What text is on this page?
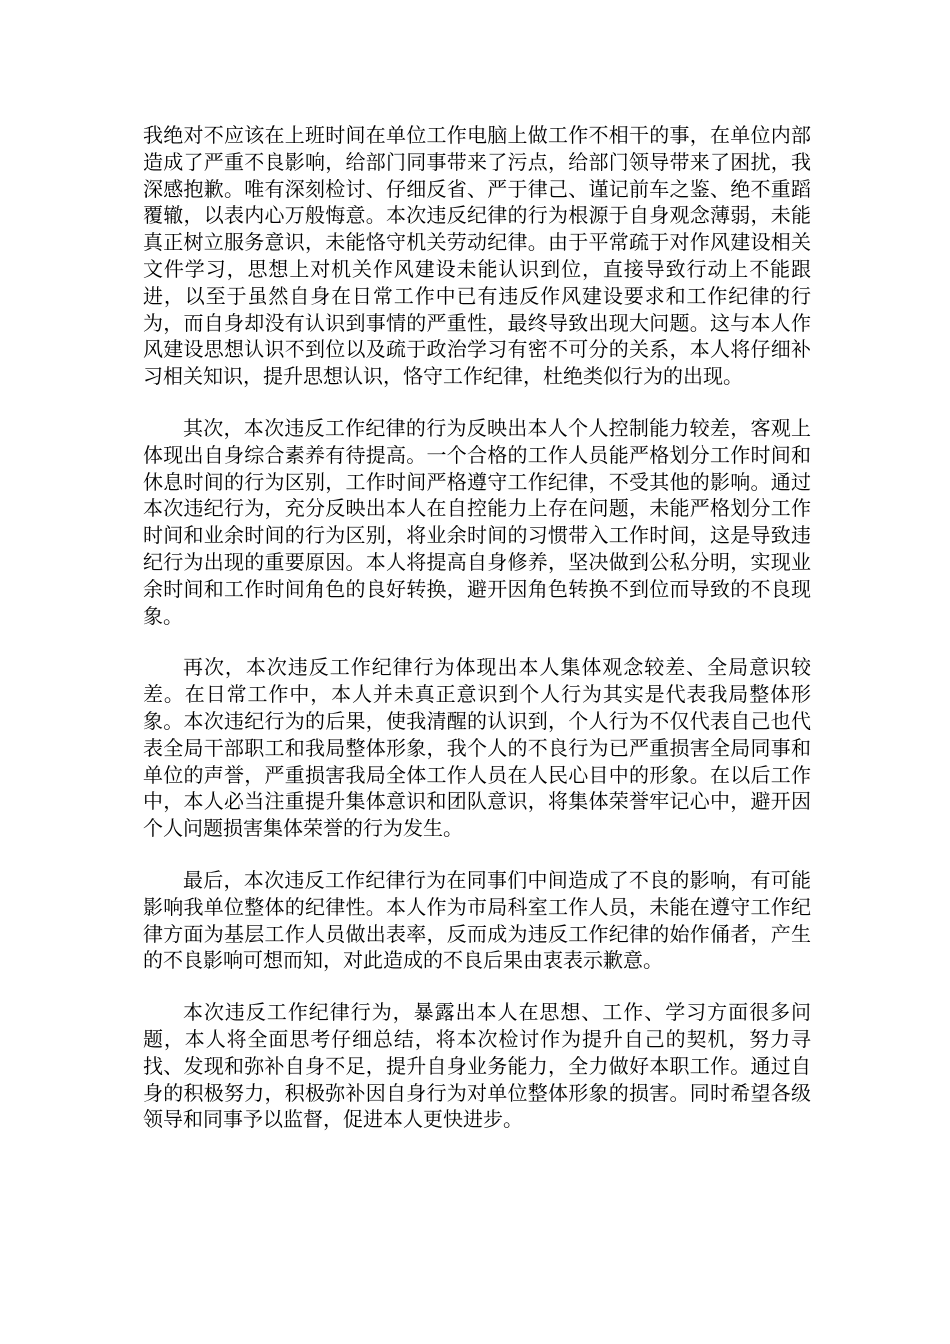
我绝对不应该在上班时间在单位工作电脑上做工作不相干的事，在单位内部造成了严重不良影响，给部门同事带来了污点，给部门领导带来了困扰，我深感抱歉。唯有深刻检讨、仔细反省、严于律己、谨记前车之鉴、绝不重蹈覆辙，以表内心万般悔意。本次违反纪律的行为根源于自身观念薄弱，未能真正树立服务意识，未能恪守机关劳动纪律。由于平常疏于对作风建设相关文件学习，思想上对机关作风建设未能认识到位，直接导致行动上不能跟进，以至于虽然自身在日常工作中已有违反作风建设要求和工作纪律的行为，而自身却没有认识到事情的严重性，最终导致出现大问题。这与本人作风建设思想认识不到位以及疏于政治学习有密不可分的关系，本人将仔细补习相关知识，提升思想认识，恪守工作纪律，杜绝类似行为的出现。

其次，本次违反工作纪律的行为反映出本人个人控制能力较差，客观上体现出自身综合素养有待提高。一个合格的工作人员能严格划分工作时间和休息时间的行为区别，工作时间严格遵守工作纪律，不受其他的影响。通过本次违纪行为，充分反映出本人在自控能力上存在问题，未能严格划分工作时间和业余时间的行为区别，将业余时间的习惯带入工作时间，这是导致违纪行为出现的重要原因。本人将提高自身修养，坚决做到公私分明，实现业余时间和工作时间角色的良好转换，避开因角色转换不到位而导致的不良现象。

再次，本次违反工作纪律行为体现出本人集体观念较差、全局意识较差。在日常工作中，本人并未真正意识到个人行为其实是代表我局整体形象。本次违纪行为的后果，使我清醒的认识到，个人行为不仅代表自己也代表全局干部职工和我局整体形象，我个人的不良行为已严重损害全局同事和单位的声誉，严重损害我局全体工作人员在人民心目中的形象。在以后工作中，本人必当注重提升集体意识和团队意识，将集体荣誉牢记心中，避开因个人问题损害集体荣誉的行为发生。

最后，本次违反工作纪律行为在同事们中间造成了不良的影响，有可能影响我单位整体的纪律性。本人作为市局科室工作人员，未能在遵守工作纪律方面为基层工作人员做出表率，反而成为违反工作纪律的始作俑者，产生的不良影响可想而知，对此造成的不良后果由衷表示歉意。

本次违反工作纪律行为，暴露出本人在思想、工作、学习方面很多问题，本人将全面思考仔细总结，将本次检讨作为提升自己的契机，努力寻找、发现和弥补自身不足，提升自身业务能力，全力做好本职工作。通过自身的积极努力，积极弥补因自身行为对单位整体形象的损害。同时希望各级领导和同事予以监督，促进本人更快进步。
